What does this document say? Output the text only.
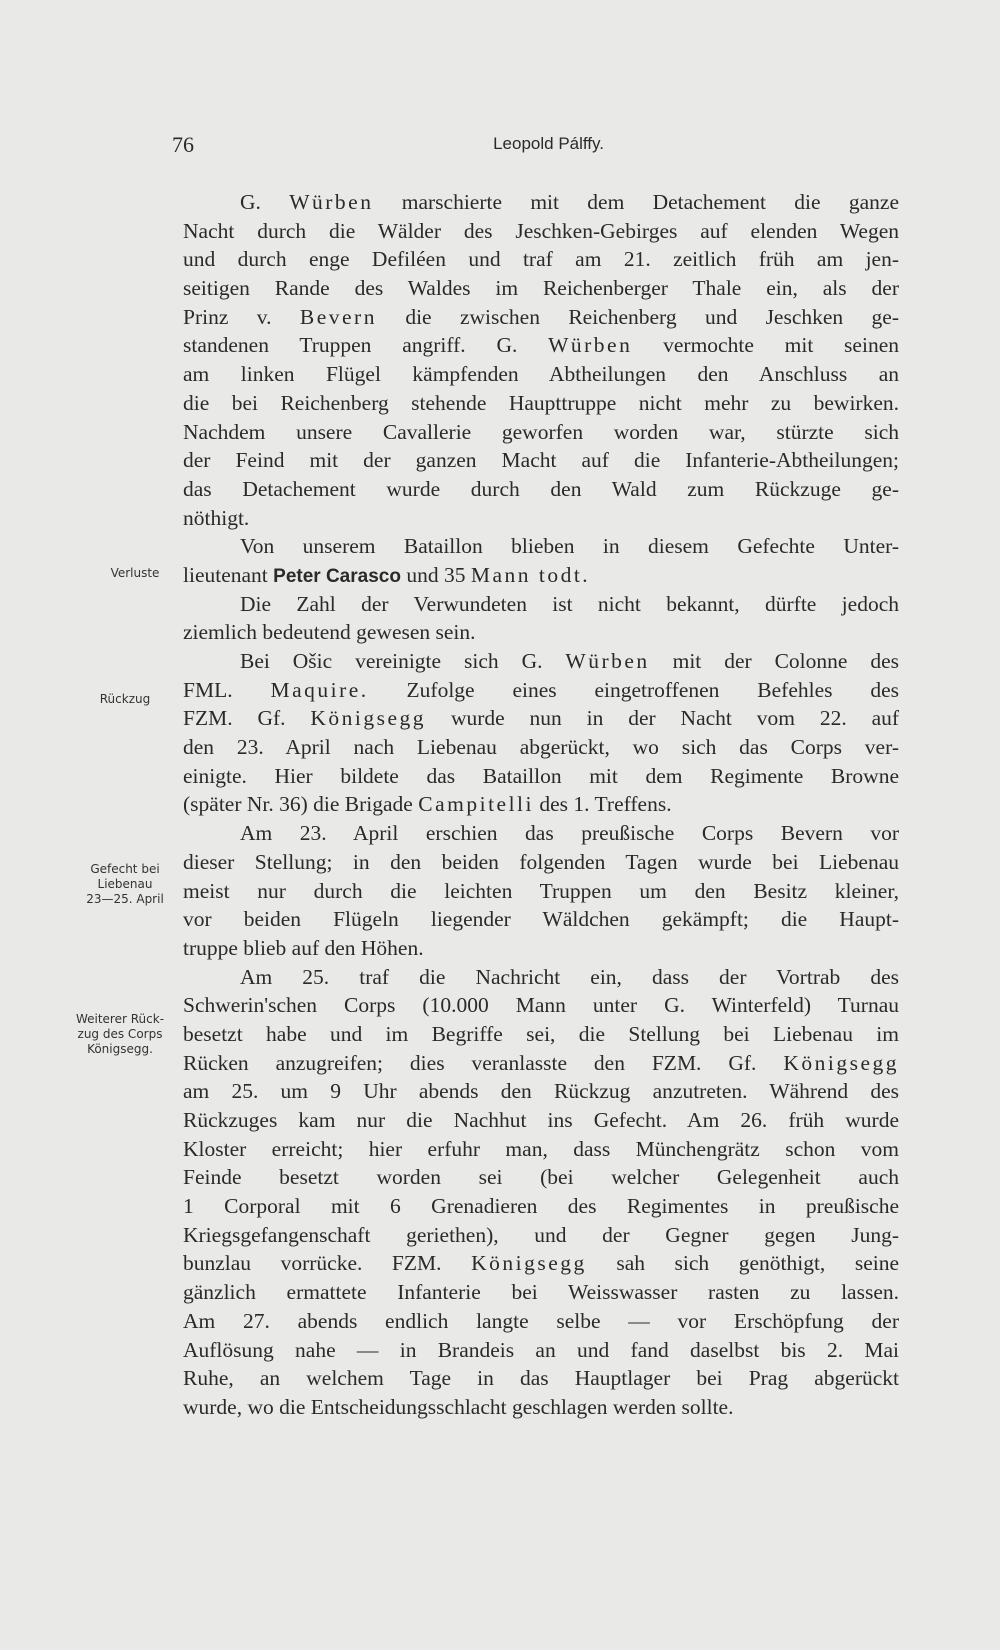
76	Leopold Pálffy.
Verluste
Rückzug
Gefecht bei
Liebenau
23—25. April
Weiterer Rück-
zug des Corps
Königsegg.
G. Würben marschierte mit dem Detachement die ganze
Nacht durch die Wälder des Jeschken-Gebirges auf elenden Wegen
und durch enge Defiléen und traf am 21. zeitlich früh am jen-
seitigen Rande des Waldes im Reichenberger Thale ein, als der
Prinz v. Bevern die zwischen Reichenberg und Jeschken ge-
standenen Truppen angriff. G. Würben vermochte mit seinen
am linken Flügel kämpfenden Abtheilungen den Anschluss an
die bei Reichenberg stehende Haupttruppe nicht mehr zu bewirken.
Nachdem unsere Cavallerie geworfen worden war, stürzte sich
der Feind mit der ganzen Macht auf die Infanterie-Abtheilungen;
das Detachement wurde durch den Wald zum Rückzuge ge-
nöthigt.
Von unserem Bataillon blieben in diesem Gefechte Unter-
lieutenant Peter Carasco und 35 Mann todt.
Die Zahl der Verwundeten ist nicht bekannt, dürfte jedoch
ziemlich bedeutend gewesen sein.
Bei Ošic vereinigte sich G. Würben mit der Colonne des
FML. Maquire. Zufolge eines eingetroffenen Befehles des
FZM. Gf. Königsegg wurde nun in der Nacht vom 22. auf
den 23. April nach Liebenau abgerückt, wo sich das Corps ver-
einigte. Hier bildete das Bataillon mit dem Regimente Browne
(später Nr. 36) die Brigade Campitelli des 1. Treffens.
Am 23. April erschien das preußische Corps Bevern vor
dieser Stellung; in den beiden folgenden Tagen wurde bei Liebenau
meist nur durch die leichten Truppen um den Besitz kleiner,
vor beiden Flügeln liegender Wäldchen gekämpft; die Haupt-
truppe blieb auf den Höhen.
Am 25. traf die Nachricht ein, dass der Vortrab des
Schwerin'schen Corps (10.000 Mann unter G. Winterfeld) Turnau
besetzt habe und im Begriffe sei, die Stellung bei Liebenau im
Rücken anzugreifen; dies veranlasste den FZM. Gf. Königsegg
am 25. um 9 Uhr abends den Rückzug anzutreten. Während des
Rückzuges kam nur die Nachhut ins Gefecht. Am 26. früh wurde
Kloster erreicht; hier erfuhr man, dass Münchengrätz schon vom
Feinde besetzt worden sei (bei welcher Gelegenheit auch
1 Corporal mit 6 Grenadieren des Regimentes in preußische
Kriegsgefangenschaft geriethen), und der Gegner gegen Jung-
bunzlau vorrücke. FZM. Königsegg sah sich genöthigt, seine
gänzlich ermattete Infanterie bei Weisswasser rasten zu lassen.
Am 27. abends endlich langte selbe — vor Erschöpfung der
Auflösung nahe — in Brandeis an und fand daselbst bis 2. Mai
Ruhe, an welchem Tage in das Hauptlager bei Prag abgerückt
wurde, wo die Entscheidungsschlacht geschlagen werden sollte.
